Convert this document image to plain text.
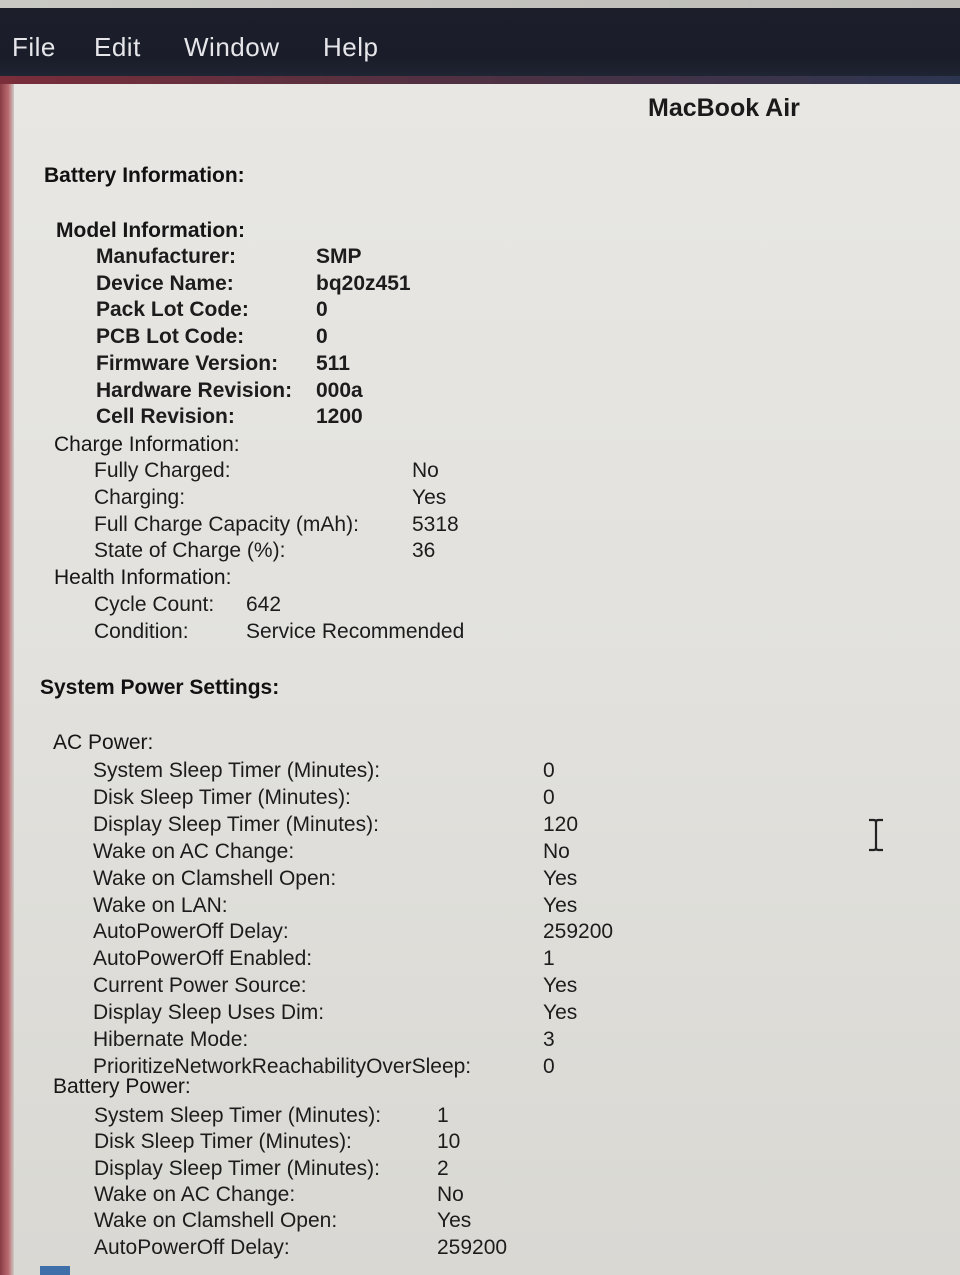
File Edit Window Help
MacBook Air
Battery Information:
Model Information:
Manufacturer:	SMP
Device Name:	bq20z451
Pack Lot Code:	0
PCB Lot Code:	0
Firmware Version: 511
Hardware Revision: 000a
Cell Revision:	1200
Charge Information:
Fully Charged:	No
Charging:	Yes
Full Charge Capacity (mAh):	5318
State of Charge (%):	36
Health Information:
Cycle Count: 642
Condition:	Service Recommended
System Power Settings:
AC Power:
System Sleep Timer (Minutes):	0
Disk Sleep Timer (Minutes):	0
Display Sleep Timer (Minutes):	120
Wake on AC Change:	No
Wake on Clamshell Open:	Yes
Wake on LAN:	Yes
AutoPowerOff Delay:	259200
AutoPowerOff Enabled:	1
Current Power Source:	Yes
Display Sleep Uses Dim:	Yes
Hibernate Mode:	3
PrioritizeNetworkReachabilityOverSleep:	0
Battery Power:
System Sleep Timer (Minutes):	1
Disk Sleep Timer (Minutes):	10
Display Sleep Timer (Minutes):	2
Wake on AC Change:	No
Wake on Clamshell Open:	Yes
AutoPowerOff Delay:	259200
